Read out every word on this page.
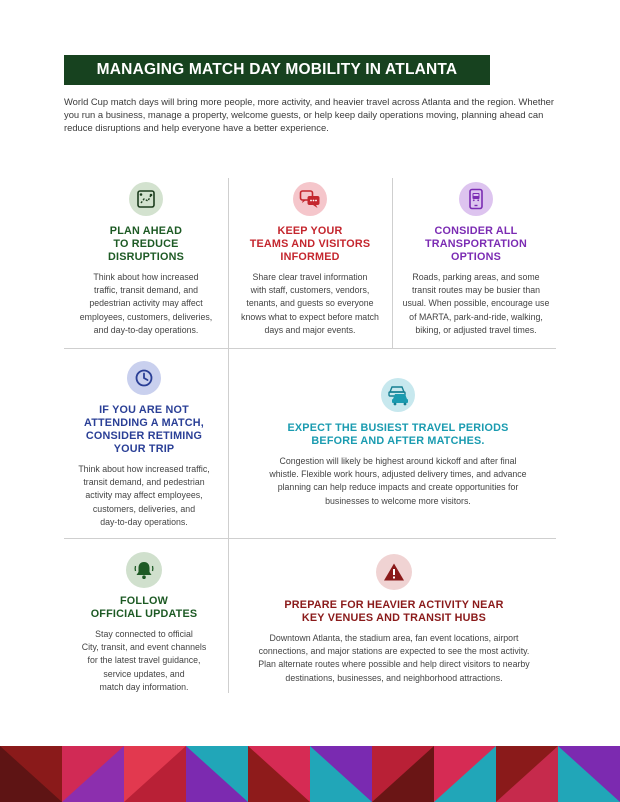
MANAGING MATCH DAY MOBILITY IN ATLANTA
World Cup match days will bring more people, more activity, and heavier travel across Atlanta and the region. Whether you run a business, manage a property, welcome guests, or help keep daily operations moving, planning ahead can reduce disruptions and help everyone have a better experience.
PLAN AHEAD
TO REDUCE
DISRUPTIONS
Think about how increased
traffic, transit demand, and
pedestrian activity may affect
employees, customers, deliveries,
and day-to-day operations.
KEEP YOUR
TEAMS AND VISITORS
INFORMED
Share clear travel information
with staff, customers, vendors,
tenants, and guests so everyone
knows what to expect before match
days and major events.
CONSIDER ALL
TRANSPORTATION
OPTIONS
Roads, parking areas, and some
transit routes may be busier than
usual. When possible, encourage use
of MARTA, park-and-ride, walking,
biking, or adjusted travel times.
IF YOU ARE NOT
ATTENDING A MATCH,
CONSIDER RETIMING
YOUR TRIP
Think about how increased traffic,
transit demand, and pedestrian
activity may affect employees,
customers, deliveries, and
day-to-day operations.
EXPECT THE BUSIEST TRAVEL PERIODS
BEFORE AND AFTER MATCHES.
Congestion will likely be highest around kickoff and after final
whistle. Flexible work hours, adjusted delivery times, and advance
planning can help reduce impacts and create opportunities for
businesses to welcome more visitors.
FOLLOW
OFFICIAL UPDATES
Stay connected to official
City, transit, and event channels
for the latest travel guidance,
service updates, and
match day information.
PREPARE FOR HEAVIER ACTIVITY NEAR
KEY VENUES AND TRANSIT HUBS
Downtown Atlanta, the stadium area, fan event locations, airport
connections, and major stations are expected to see the most activity.
Plan alternate routes where possible and help direct visitors to nearby
destinations, businesses, and neighborhood attractions.
